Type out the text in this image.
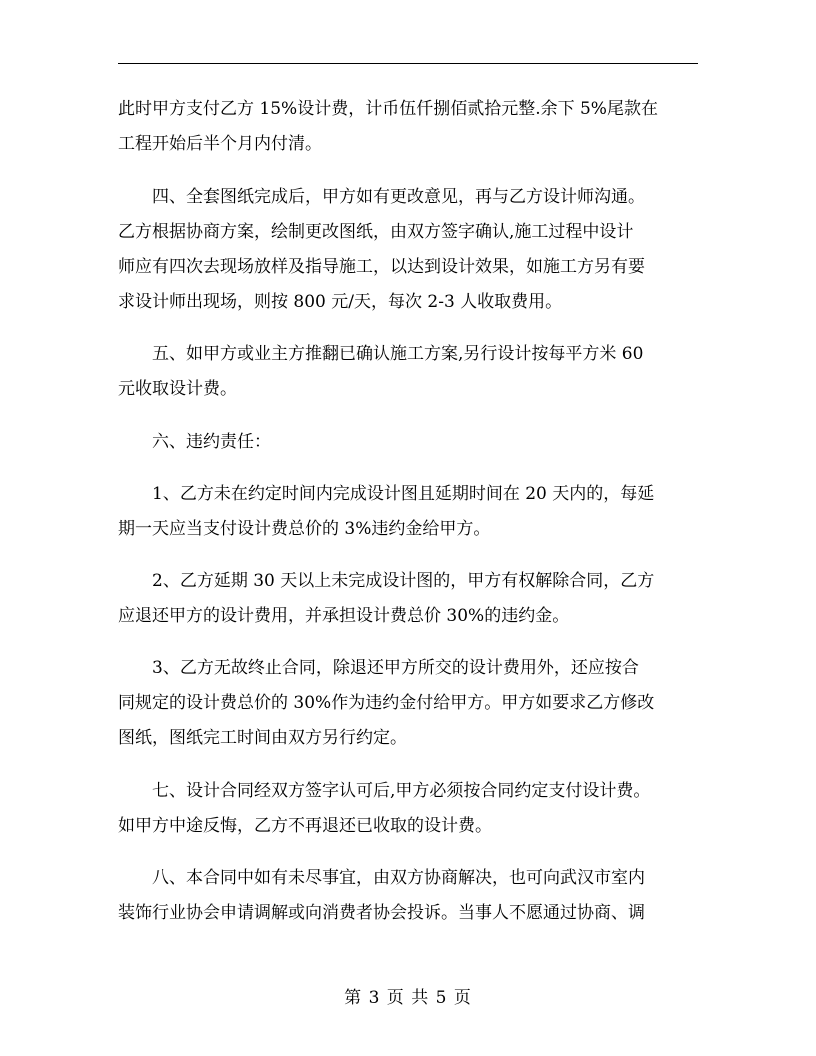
此时甲方支付乙方 15%设计费，计币伍仟捌佰贰拾元整.余下 5%尾款在
工程开始后半个月内付清。

　　四、全套图纸完成后，甲方如有更改意见，再与乙方设计师沟通。
乙方根据协商方案，绘制更改图纸，由双方签字确认,施工过程中设计
师应有四次去现场放样及指导施工，以达到设计效果，如施工方另有要
求设计师出现场，则按 800 元/天，每次 2-3 人收取费用。

　　五、如甲方或业主方推翻已确认施工方案,另行设计按每平方米 60
元收取设计费。

　　六、违约责任：

　　1、乙方未在约定时间内完成设计图且延期时间在 20 天内的，每延
期一天应当支付设计费总价的 3%违约金给甲方。

　　2、乙方延期 30 天以上未完成设计图的，甲方有权解除合同，乙方
应退还甲方的设计费用，并承担设计费总价 30%的违约金。

　　3、乙方无故终止合同，除退还甲方所交的设计费用外，还应按合
同规定的设计费总价的 30%作为违约金付给甲方。甲方如要求乙方修改
图纸，图纸完工时间由双方另行约定。

　　七、设计合同经双方签字认可后,甲方必须按合同约定支付设计费。
如甲方中途反悔，乙方不再退还已收取的设计费。

　　八、本合同中如有未尽事宜，由双方协商解决，也可向武汉市室内
装饰行业协会申请调解或向消费者协会投诉。当事人不愿通过协商、调

第 3 页 共 5 页
